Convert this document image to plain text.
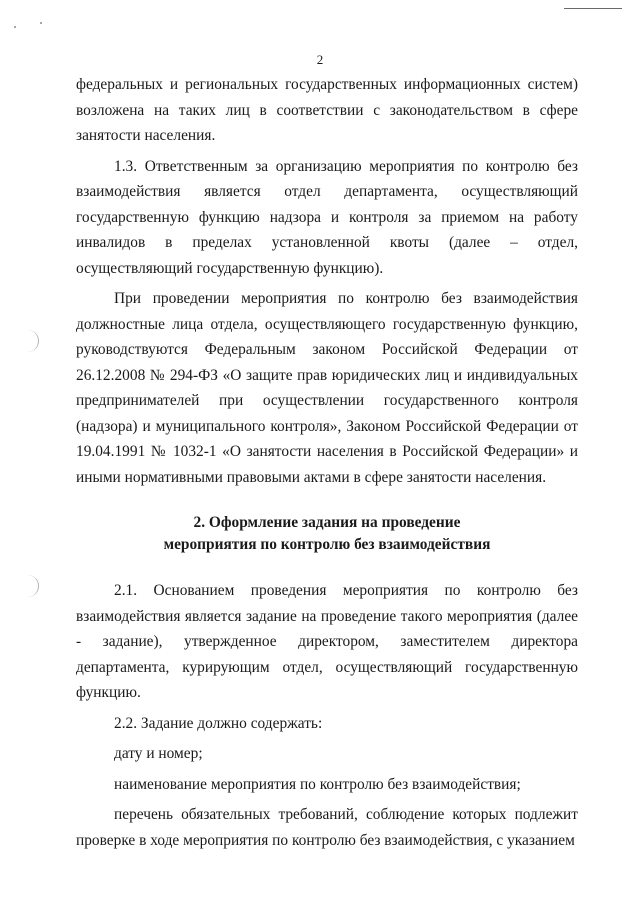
2

федеральных и региональных государственных информационных систем) возложена на таких лиц в соответствии с законодательством в сфере занятости населения.

1.3. Ответственным за организацию мероприятия по контролю без взаимодействия является отдел департамента, осуществляющий государственную функцию надзора и контроля за приемом на работу инвалидов в пределах установленной квоты (далее – отдел, осуществляющий государственную функцию).

При проведении мероприятия по контролю без взаимодействия должностные лица отдела, осуществляющего государственную функцию, руководствуются Федеральным законом Российской Федерации от 26.12.2008 № 294-ФЗ «О защите прав юридических лиц и индивидуальных предпринимателей при осуществлении государственного контроля (надзора) и муниципального контроля», Законом Российской Федерации от 19.04.1991 № 1032-1 «О занятости населения в Российской Федерации» и иными нормативными правовыми актами в сфере занятости населения.

2. Оформление задания на проведение

мероприятия по контролю без взаимодействия

2.1. Основанием проведения мероприятия по контролю без взаимодействия является задание на проведение такого мероприятия (далее - задание), утвержденное директором, заместителем директора департамента, курирующим отдел, осуществляющий государственную функцию.

2.2. Задание должно содержать:

дату и номер;

наименование мероприятия по контролю без взаимодействия;

перечень обязательных требований, соблюдение которых подлежит проверке в ходе мероприятия по контролю без взаимодействия, с указанием
